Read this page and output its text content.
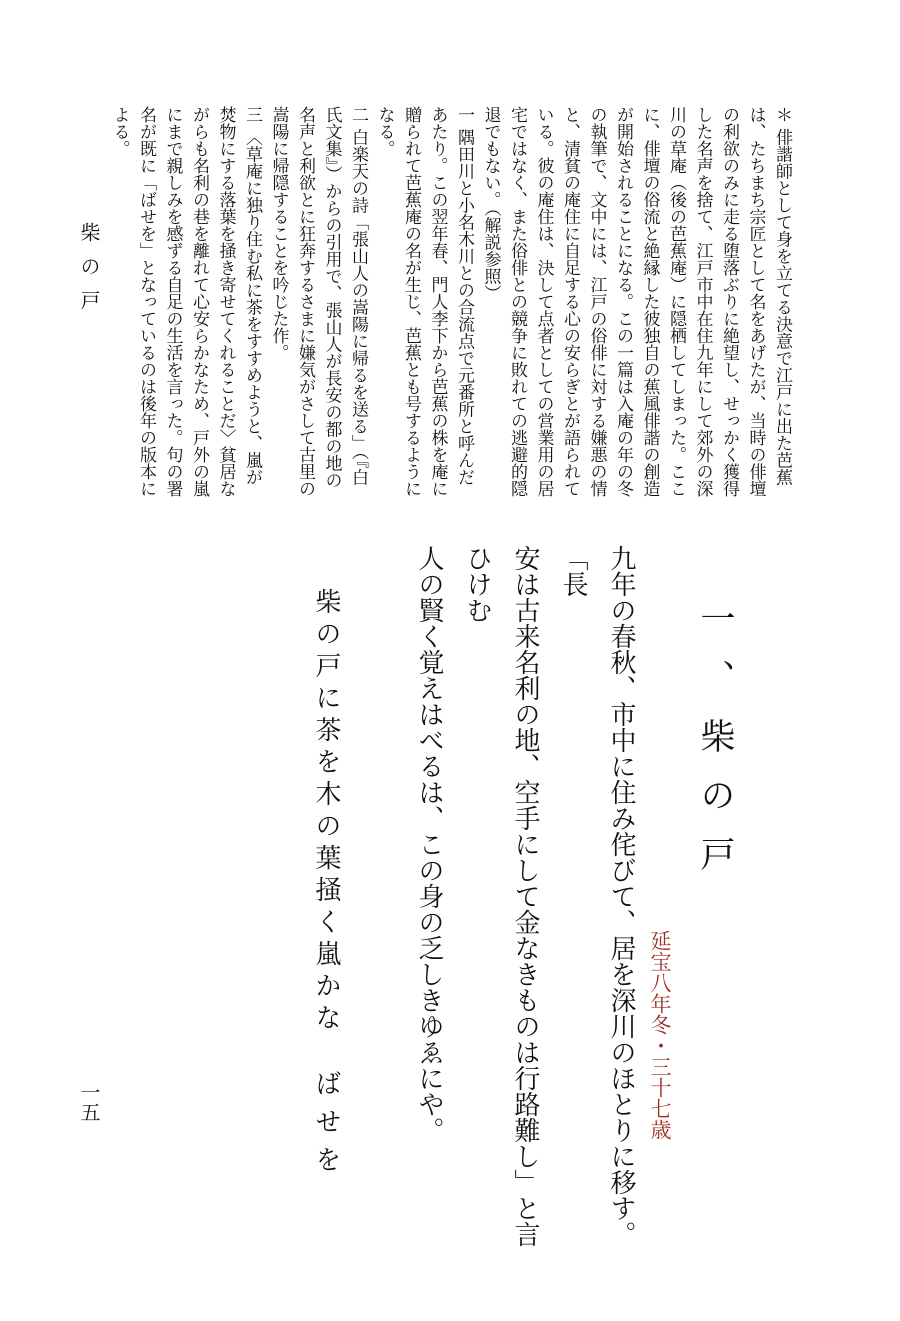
＊ 俳諧師として身を立てる決意で江戸に出た芭蕉は、たちまち宗匠として名をあげたが、当時の俳壇の利欲のみに走る堕落ぶりに絶望し、せっかく獲得した名声を捨て、江戸市中在住九年にして郊外の深川の草庵（後の芭蕉庵）に隠栖してしまった。ここに、俳壇の俗流と絶縁した彼独自の蕉風俳諧の創造が開始されることになる。この一篇は入庵の年の冬の執筆で、文中には、江戸の俗俳に対する嫌悪の情と、清貧の庵住に自足する心の安らぎとが語られている。彼の庵住は、決して点者としての営業用の居宅ではなく、また俗俳との競争に敗れての逃避的隠退でもない。（解説参照）

一 隅田川と小名木川との合流点で元番所と呼んだあたり。この翌年春、門人李下から芭蕉の株を庵に贈られて芭蕉庵の名が生じ、芭蕉とも号するようになる。

二 白楽天の詩「張山人の嵩陽に帰るを送る」（『白氏文集』）からの引用で、張山人が長安の都の地の名声と利欲とに狂奔するさまに嫌気がさして古里の嵩陽に帰隠することを吟じた作。

三 〈草庵に独り住む私に茶をすすめようと、嵐が焚物にする落葉を掻き寄せてくれることだ〉貧居ながらも名利の巷を離れて心安らかなため、戸外の嵐にまで親しみを感ずる自足の生活を言った。句の署名が既に「ばせを」となっているのは後年の版本による。

一、柴の戸
延宝八年冬・三十七歳

九年の春秋、市中に住み侘びて、居を深川のほとりに移す。「長

安は古来名利の地、空手にして金なきものは行路難し」と言ひけむ

人の賢く覚えはべるは、この身の乏しきゆゑにや。

柴の戸に茶を木の葉掻く嵐かな
ばせを
柴の戸
一五
